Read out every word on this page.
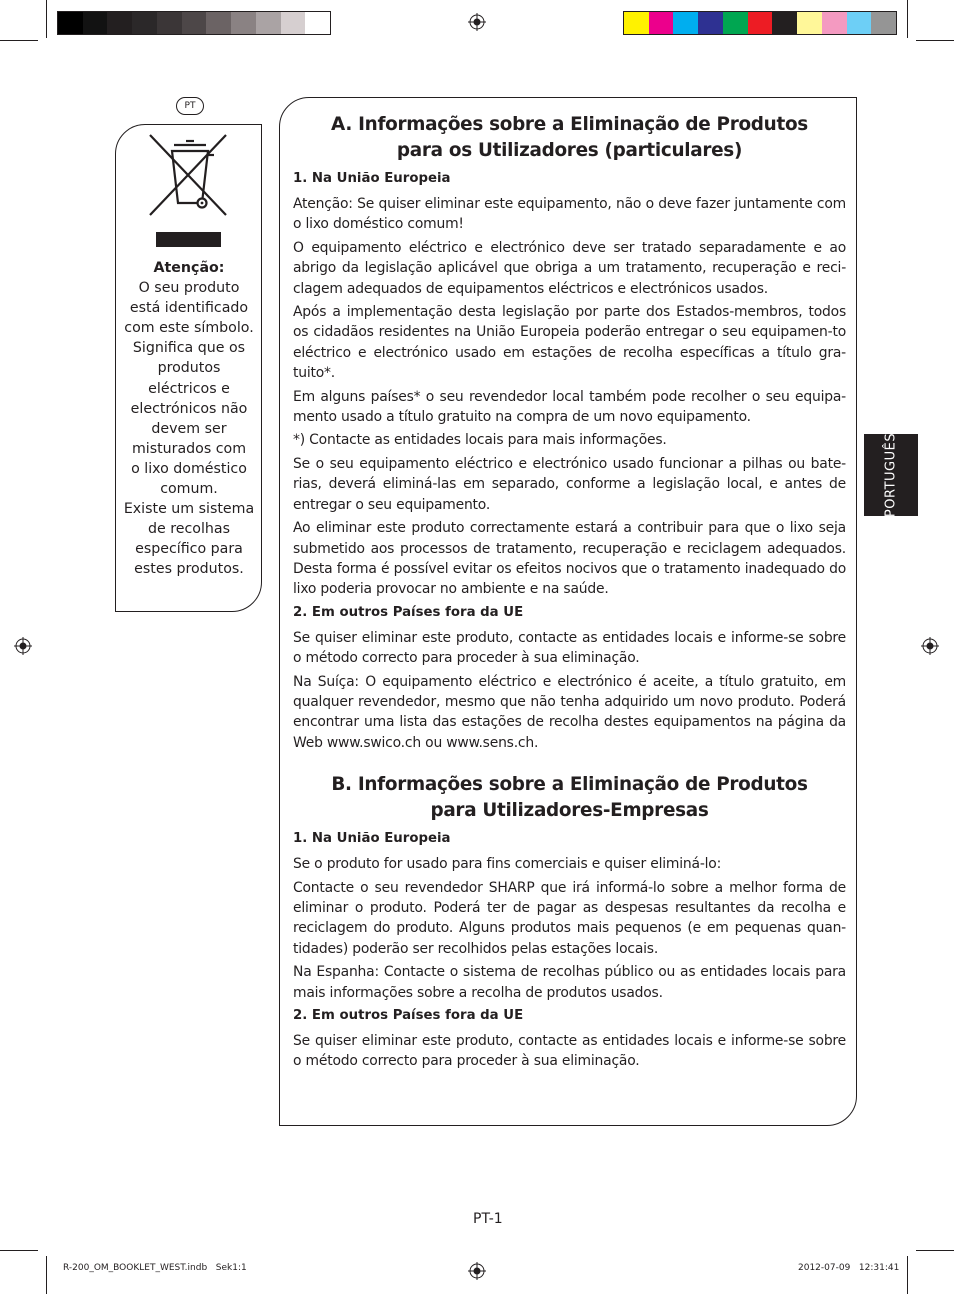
PT
Atenção:
O seu produto
está identificado
com este símbolo.
Significa que os
produtos
eléctricos e
electrónicos não
devem ser
misturados com
o lixo doméstico
comum.
Existe um sistema
de recolhas
específico para
estes produtos.
A. Informações sobre a Eliminação de Produtos
para os Utilizadores (particulares)
1. Na União Europeia

Atenção: Se quiser eliminar este equipamento, não o deve fazer juntamente com o lixo doméstico comum!

O equipamento eléctrico e electrónico deve ser tratado separadamente e ao abrigo da legislação aplicável que obriga a um tratamento, recuperação e reci-clagem adequados de equipamentos eléctricos e electrónicos usados.

Após a implementação desta legislação por parte dos Estados-membros, todos os cidadãos residentes na União Europeia poderão entregar o seu equipamen-to eléctrico e electrónico usado em estações de recolha específicas a título gra-tuito*.

Em alguns países* o seu revendedor local também pode recolher o seu equipa-mento usado a título gratuito na compra de um novo equipamento.

*) Contacte as entidades locais para mais informações.

Se o seu equipamento eléctrico e electrónico usado funcionar a pilhas ou bate-rias, deverá eliminá-las em separado, conforme a legislação local, e antes de entregar o seu equipamento.

Ao eliminar este produto correctamente estará a contribuir para que o lixo seja submetido aos processos de tratamento, recuperação e reciclagem adequados. Desta forma é possível evitar os efeitos nocivos que o tratamento inadequado do lixo poderia provocar no ambiente e na saúde.

2. Em outros Países fora da UE

Se quiser eliminar este produto, contacte as entidades locais e informe-se sobre o método correcto para proceder à sua eliminação.

Na Suíça: O equipamento eléctrico e electrónico é aceite, a título gratuito, em qualquer revendedor, mesmo que não tenha adquirido um novo produto. Poderá encontrar uma lista das estações de recolha destes equipamentos na página da Web www.swico.ch ou www.sens.ch.

B. Informações sobre a Eliminação de Produtos
para Utilizadores-Empresas
1. Na União Europeia

Se o produto for usado para fins comerciais e quiser eliminá-lo:

Contacte o seu revendedor SHARP que irá informá-lo sobre a melhor forma de eliminar o produto. Poderá ter de pagar as despesas resultantes da recolha e reciclagem do produto. Alguns produtos mais pequenos (e em pequenas quan-tidades) poderão ser recolhidos pelas estações locais.

Na Espanha: Contacte o sistema de recolhas público ou as entidades locais para mais informações sobre a recolha de produtos usados.

2. Em outros Países fora da UE

Se quiser eliminar este produto, contacte as entidades locais e informe-se sobre o método correcto para proceder à sua eliminação.

PORTUGUÊS
PT-1
R-200_OM_BOOKLET_WEST.indb   Sek1:1	2012-07-09   12:31:41
